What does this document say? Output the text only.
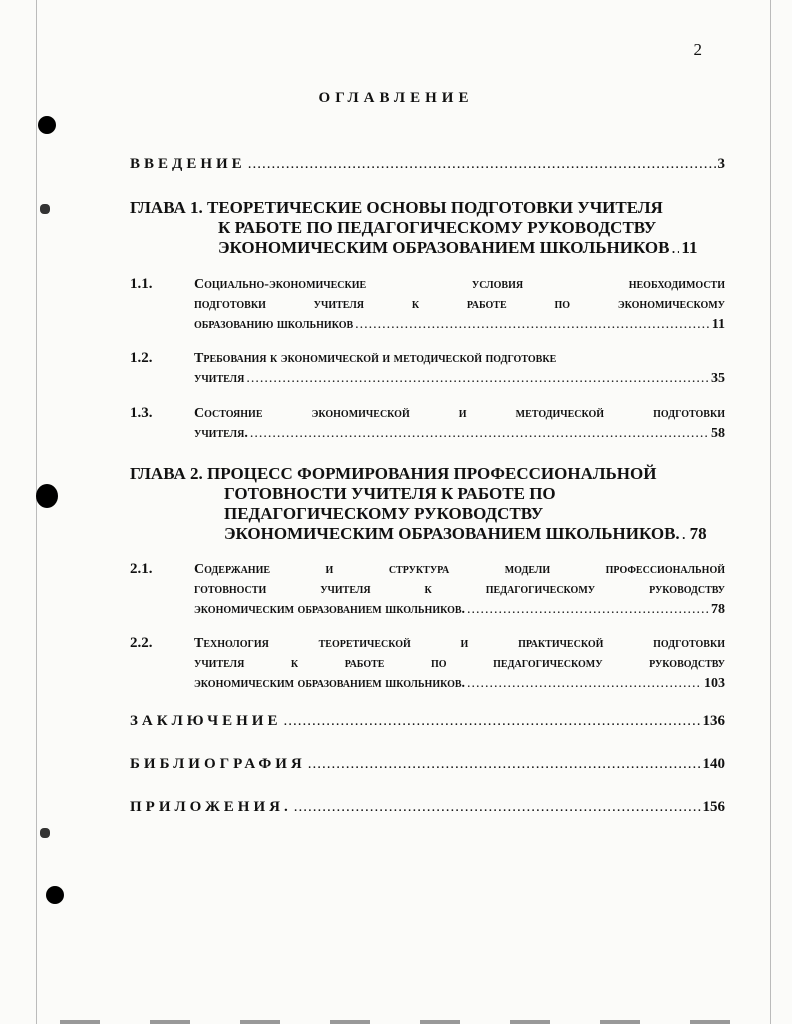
2
ОГЛАВЛЕНИЕ
ВВЕДЕНИЕ .....	3
ГЛАВА 1. ТЕОРЕТИЧЕСКИЕ ОСНОВЫ ПОДГОТОВКИ УЧИТЕЛЯ
К РАБОТЕ ПО ПЕДАГОГИЧЕСКОМУ РУКОВОДСТВУ
ЭКОНОМИЧЕСКИМ ОБРАЗОВАНИЕМ ШКОЛЬНИКОВ ..... 11
1.1.	Социально-экономические условия необходимости
подготовки учителя к работе по экономическому
образованию школьников .....	11
1.2.	Требования к экономической и методической подготовке
учителя .....	35
1.3.	Состояние экономической и методической подготовки
учителя. .....	58
ГЛАВА 2. ПРОЦЕСС ФОРМИРОВАНИЯ ПРОФЕССИОНАЛЬНОЙ
ГОТОВНОСТИ УЧИТЕЛЯ К РАБОТЕ ПО
ПЕДАГОГИЧЕСКОМУ РУКОВОДСТВУ
ЭКОНОМИЧЕСКИМ ОБРАЗОВАНИЕМ ШКОЛЬНИКОВ. ..... 78
2.1.	Содержание и структура модели профессиональной
готовности учителя к педагогическому руководству
экономическим образованием школьников. .....	78
2.2.	Технология теоретической и практической подготовки
учителя к работе по педагогическому руководству
экономическим образованием школьников. .....	103
ЗАКЛЮЧЕНИЕ .....	136
БИБЛИОГРАФИЯ .....	140
ПРИЛОЖЕНИЯ. .....	156
